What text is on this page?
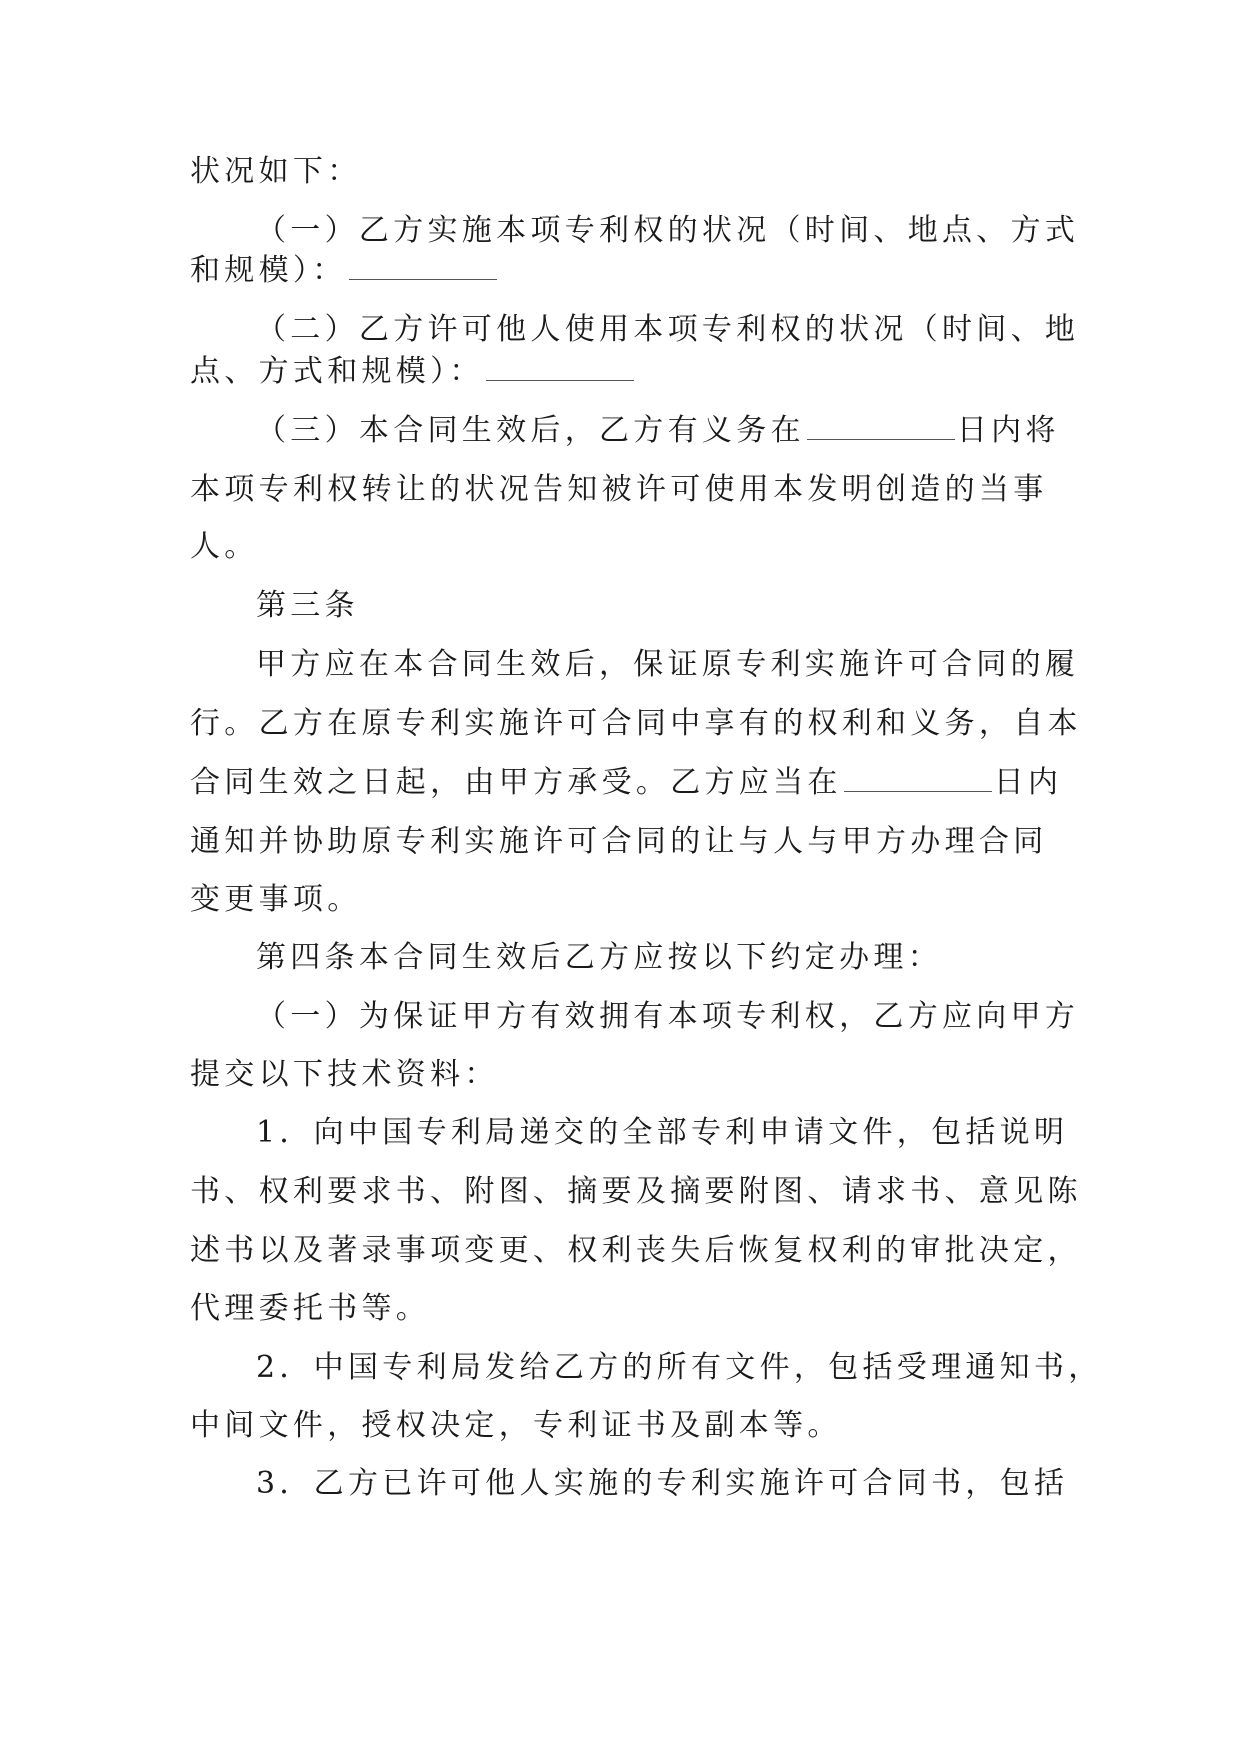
状况如下：
（一）乙方实施本项专利权的状况（时间、地点、方式
和规模）：
（二）乙方许可他人使用本项专利权的状况（时间、地
点、方式和规模）：
（三）本合同生效后，乙方有义务在	日内将
本项专利权转让的状况告知被许可使用本发明创造的当事
人。
第三条
甲方应在本合同生效后，保证原专利实施许可合同的履
行。乙方在原专利实施许可合同中享有的权利和义务，自本
合同生效之日起，由甲方承受。乙方应当在	日内
通知并协助原专利实施许可合同的让与人与甲方办理合同
变更事项。
第四条本合同生效后乙方应按以下约定办理：
（一）为保证甲方有效拥有本项专利权，乙方应向甲方
提交以下技术资料：
1．向中国专利局递交的全部专利申请文件，包括说明
书、权利要求书、附图、摘要及摘要附图、请求书、意见陈
述书以及著录事项变更、权利丧失后恢复权利的审批决定，
代理委托书等。
2．中国专利局发给乙方的所有文件，包括受理通知书，
中间文件，授权决定，专利证书及副本等。
3．乙方已许可他人实施的专利实施许可合同书，包括
